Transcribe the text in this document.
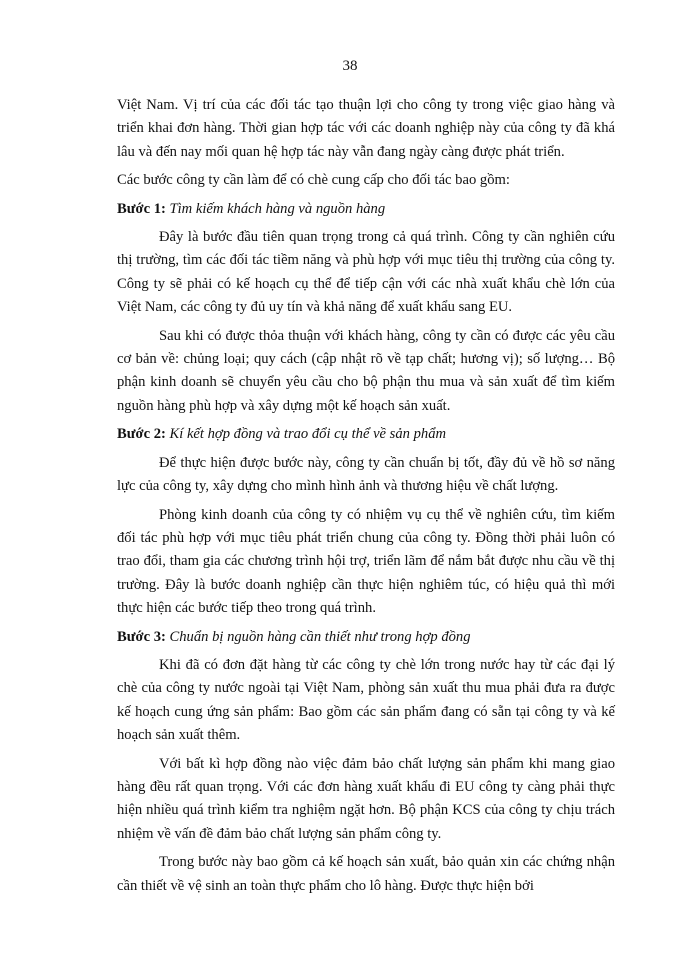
38

Việt Nam. Vị trí của các đối tác tạo thuận lợi cho công ty trong việc giao hàng và triển khai đơn hàng. Thời gian hợp tác với các doanh nghiệp này của công ty đã khá lâu và đến nay mối quan hệ hợp tác này vẫn đang ngày càng được phát triển.

Các bước công ty cần làm để có chè cung cấp cho đối tác bao gồm:

Bước 1: Tìm kiếm khách hàng và nguồn hàng

Đây là bước đầu tiên quan trọng trong cả quá trình. Công ty cần nghiên cứu thị trường, tìm các đối tác tiềm năng và phù hợp với mục tiêu thị trường của công ty. Công ty sẽ phải có kế hoạch cụ thể để tiếp cận với các nhà xuất khẩu chè lớn của Việt Nam, các công ty đủ uy tín và khả năng để xuất khẩu sang EU.

Sau khi có được thỏa thuận với khách hàng, công ty cần có được các yêu cầu cơ bản về: chủng loại; quy cách (cập nhật rõ về tạp chất; hương vị); số lượng… Bộ phận kinh doanh sẽ chuyển yêu cầu cho bộ phận thu mua và sản xuất để tìm kiếm nguồn hàng phù hợp và xây dựng một kế hoạch sản xuất.

Bước 2: Kí kết hợp đồng và trao đổi cụ thể về sản phẩm

Để thực hiện được bước này, công ty cần chuẩn bị tốt, đầy đủ về hồ sơ năng lực của công ty, xây dựng cho mình hình ảnh và thương hiệu về chất lượng.

Phòng kinh doanh của công ty có nhiệm vụ cụ thể về nghiên cứu, tìm kiếm đối tác phù hợp với mục tiêu phát triển chung của công ty. Đồng thời phải luôn có trao đổi, tham gia các chương trình hội trợ, triển lãm để nắm bắt được nhu cầu về thị trường. Đây là bước doanh nghiệp cần thực hiện nghiêm túc, có hiệu quả thì mới thực hiện các bước tiếp theo trong quá trình.

Bước 3: Chuẩn bị nguồn hàng cần thiết như trong hợp đồng

Khi đã có đơn đặt hàng từ các công ty chè lớn trong nước hay từ các đại lý chè của công ty nước ngoài tại Việt Nam, phòng sản xuất thu mua phải đưa ra được kế hoạch cung ứng sản phẩm: Bao gồm các sản phẩm đang có sẵn tại công ty và kế hoạch sản xuất thêm.

Với bất kì hợp đồng nào việc đảm bảo chất lượng sản phẩm khi mang giao hàng đều rất quan trọng. Với các đơn hàng xuất khẩu đi EU công ty càng phải thực hiện nhiều quá trình kiểm tra nghiệm ngặt hơn. Bộ phận KCS của công ty chịu trách nhiệm về vấn đề đảm bảo chất lượng sản phẩm công ty.

Trong bước này bao gồm cả kế hoạch sản xuất, bảo quản xin các chứng nhận cần thiết về vệ sinh an toàn thực phẩm cho lô hàng. Được thực hiện bởi
